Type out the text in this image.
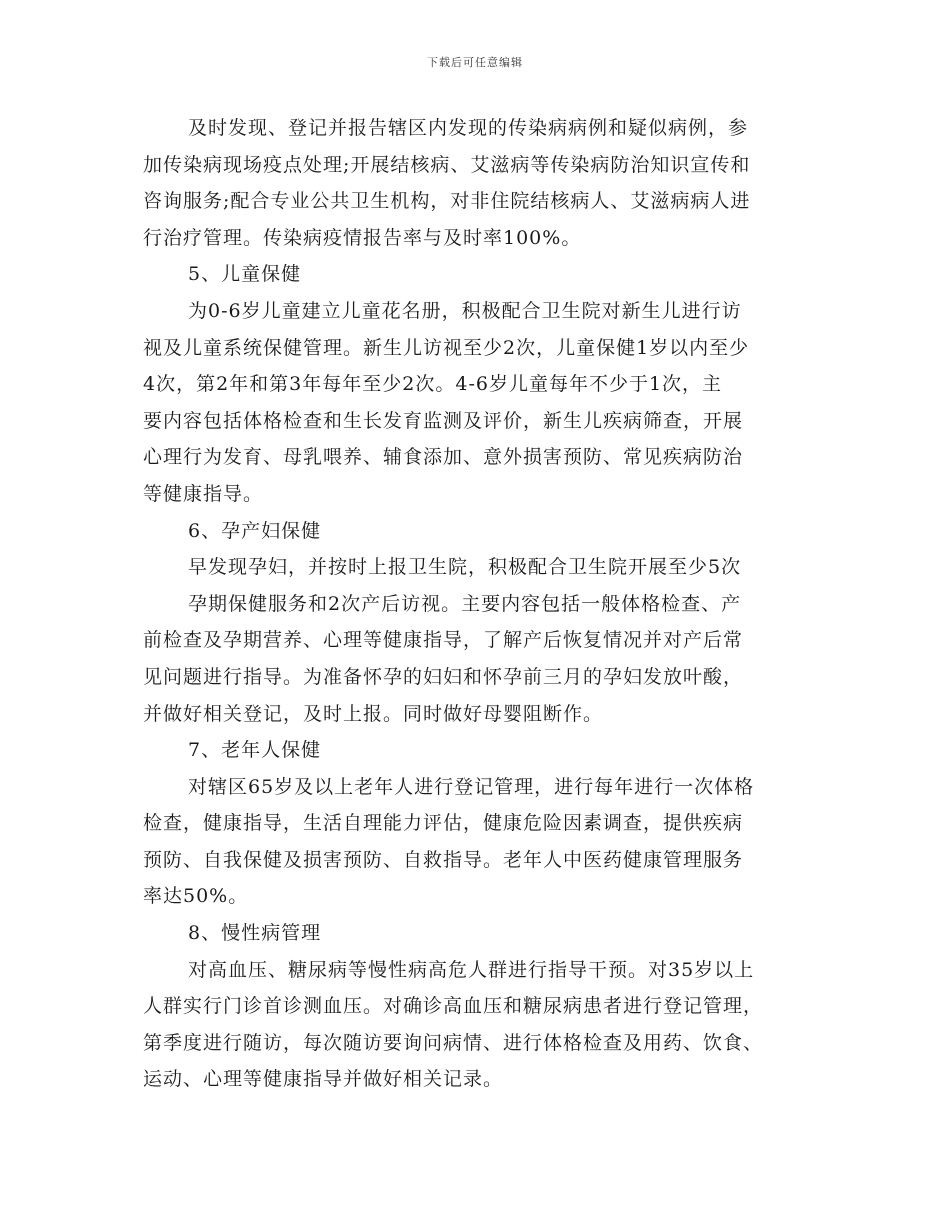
下载后可任意编辑
及时发现、登记并报告辖区内发现的传染病病例和疑似病例，参
加传染病现场疫点处理;开展结核病、艾滋病等传染病防治知识宣传和
咨询服务;配合专业公共卫生机构，对非住院结核病人、艾滋病病人进
行治疗管理。传染病疫情报告率与及时率100%。
5、儿童保健
为0-6岁儿童建立儿童花名册，积极配合卫生院对新生儿进行访
视及儿童系统保健管理。新生儿访视至少2次，儿童保健1岁以内至少
4次，第2年和第3年每年至少2次。4-6岁儿童每年不少于1次，主
要内容包括体格检查和生长发育监测及评价，新生儿疾病筛查，开展
心理行为发育、母乳喂养、辅食添加、意外损害预防、常见疾病防治
等健康指导。
6、孕产妇保健
早发现孕妇，并按时上报卫生院，积极配合卫生院开展至少5次
孕期保健服务和2次产后访视。主要内容包括一般体格检查、产
前检查及孕期营养、心理等健康指导，了解产后恢复情况并对产后常
见问题进行指导。为准备怀孕的妇妇和怀孕前三月的孕妇发放叶酸，
并做好相关登记，及时上报。同时做好母婴阻断作。
7、老年人保健
对辖区65岁及以上老年人进行登记管理，进行每年进行一次体格
检查，健康指导，生活自理能力评估，健康危险因素调查，提供疾病
预防、自我保健及损害预防、自救指导。老年人中医药健康管理服务
率达50%。
8、慢性病管理
对高血压、糖尿病等慢性病高危人群进行指导干预。对35岁以上
人群实行门诊首诊测血压。对确诊高血压和糖尿病患者进行登记管理，
第季度进行随访，每次随访要询问病情、进行体格检查及用药、饮食、
运动、心理等健康指导并做好相关记录。
